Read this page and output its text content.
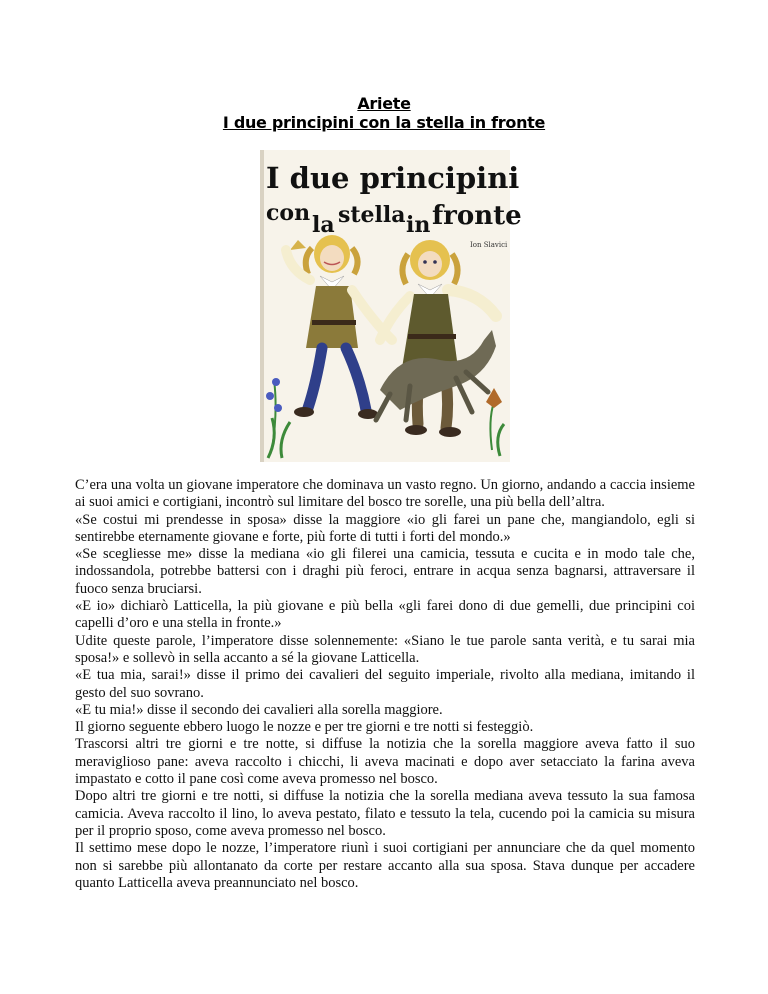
Ariete
I due principini con la stella in fronte
I due principini
con la stella in fronte
Ion Slavici

C’era una volta un giovane imperatore che dominava un vasto regno. Un giorno, andando a caccia insieme ai suoi amici e cortigiani, incontrò sul limitare del bosco tre sorelle, una più bella dell’altra.

«Se costui mi prendesse in sposa» disse la maggiore «io gli farei un pane che, mangiandolo, egli si sentirebbe eternamente giovane e forte, più forte di tutti i forti del mondo.»

«Se scegliesse me» disse la mediana «io gli filerei una camicia, tessuta e cucita e in modo tale che, indossandola, potrebbe battersi con i draghi più feroci, entrare in acqua senza bagnarsi, attraversare il fuoco senza bruciarsi.

«E io» dichiarò Latticella, la più giovane e più bella «gli farei dono di due gemelli, due principini coi capelli d’oro e una stella in fronte.»

Udite queste parole, l’imperatore disse solennemente: «Siano le tue parole santa verità, e tu sarai mia sposa!» e sollevò in sella accanto a sé la giovane Latticella.

«E tua mia, sarai!» disse il primo dei cavalieri del seguito imperiale, rivolto alla mediana, imitando il gesto del suo sovrano.

«E tu mia!» disse il secondo dei cavalieri alla sorella maggiore.

Il giorno seguente ebbero luogo le nozze e per tre giorni e tre notti si festeggiò.

Trascorsi altri tre giorni e tre notte, si diffuse la notizia che la sorella maggiore aveva fatto il suo meraviglioso pane: aveva raccolto i chicchi, li aveva macinati e dopo aver setacciato la farina aveva impastato e cotto il pane così come aveva promesso nel bosco.

Dopo altri tre giorni e tre notti, si diffuse la notizia che la sorella mediana aveva tessuto la sua famosa camicia. Aveva raccolto il lino, lo aveva pestato, filato e tessuto la tela, cucendo poi la camicia su misura per il proprio sposo, come aveva promesso nel bosco.

Il settimo mese dopo le nozze, l’imperatore riunì i suoi cortigiani per annunciare che da quel momento non si sarebbe più allontanato da corte per restare accanto alla sua sposa. Stava dunque per accadere quanto Latticella aveva preannunciato nel bosco.
